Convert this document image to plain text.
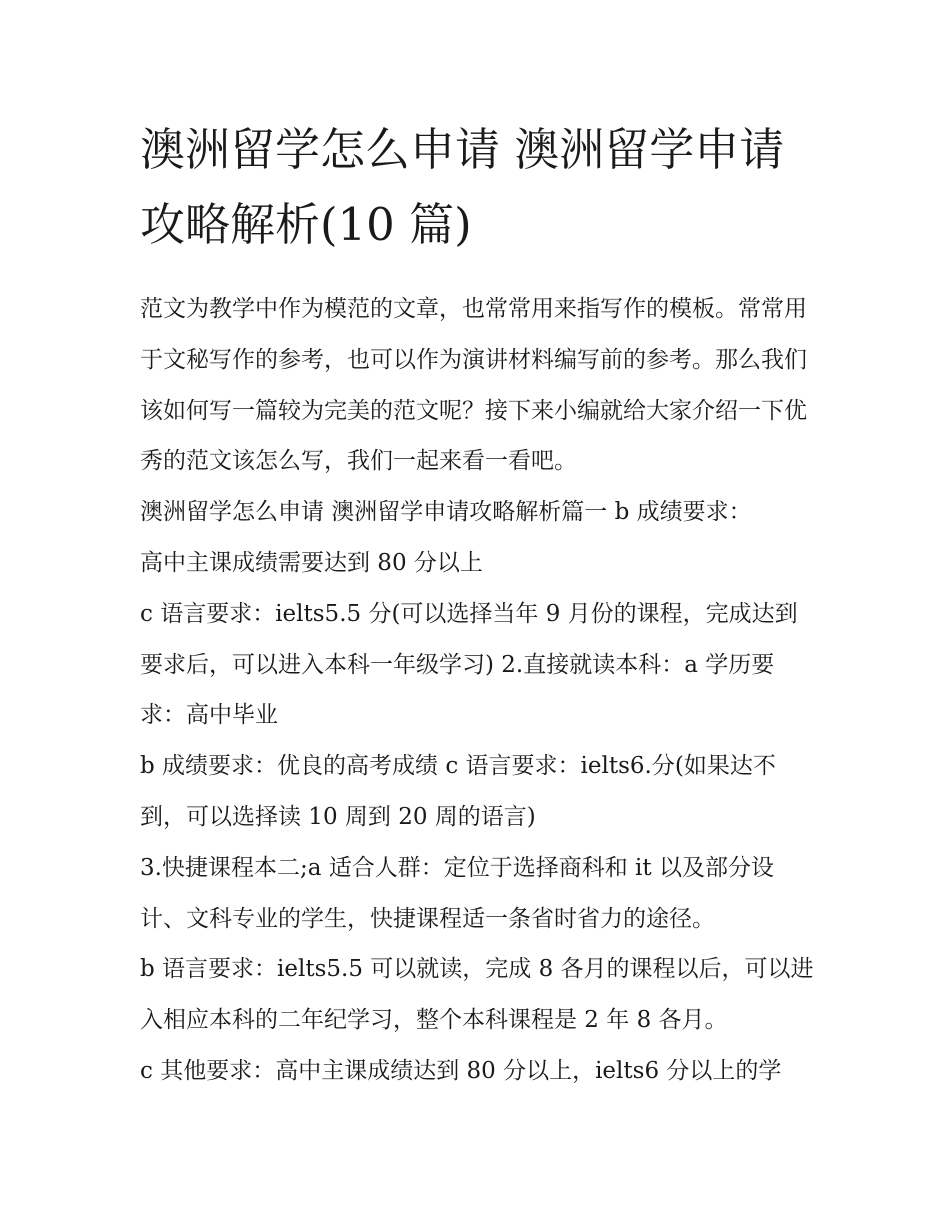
澳洲留学怎么申请 澳洲留学申请攻略解析(10 篇)

范文为教学中作为模范的文章，也常常用来指写作的模板。常常用于文秘写作的参考，也可以作为演讲材料编写前的参考。那么我们该如何写一篇较为完美的范文呢？接下来小编就给大家介绍一下优秀的范文该怎么写，我们一起来看一看吧。

澳洲留学怎么申请 澳洲留学申请攻略解析篇一 b 成绩要求：

高中主课成绩需要达到 80 分以上

c 语言要求：ielts5.5 分(可以选择当年 9 月份的课程，完成达到要求后，可以进入本科一年级学习) 2.直接就读本科：a 学历要求：高中毕业

b 成绩要求：优良的高考成绩 c 语言要求：ielts6.分(如果达不到，可以选择读 10 周到 20 周的语言)

3.快捷课程本二;a 适合人群：定位于选择商科和 it 以及部分设计、文科专业的学生，快捷课程适一条省时省力的途径。

b 语言要求：ielts5.5 可以就读，完成 8 各月的课程以后，可以进入相应本科的二年纪学习，整个本科课程是 2 年 8 各月。

c 其他要求：高中主课成绩达到 80 分以上，ielts6 分以上的学
